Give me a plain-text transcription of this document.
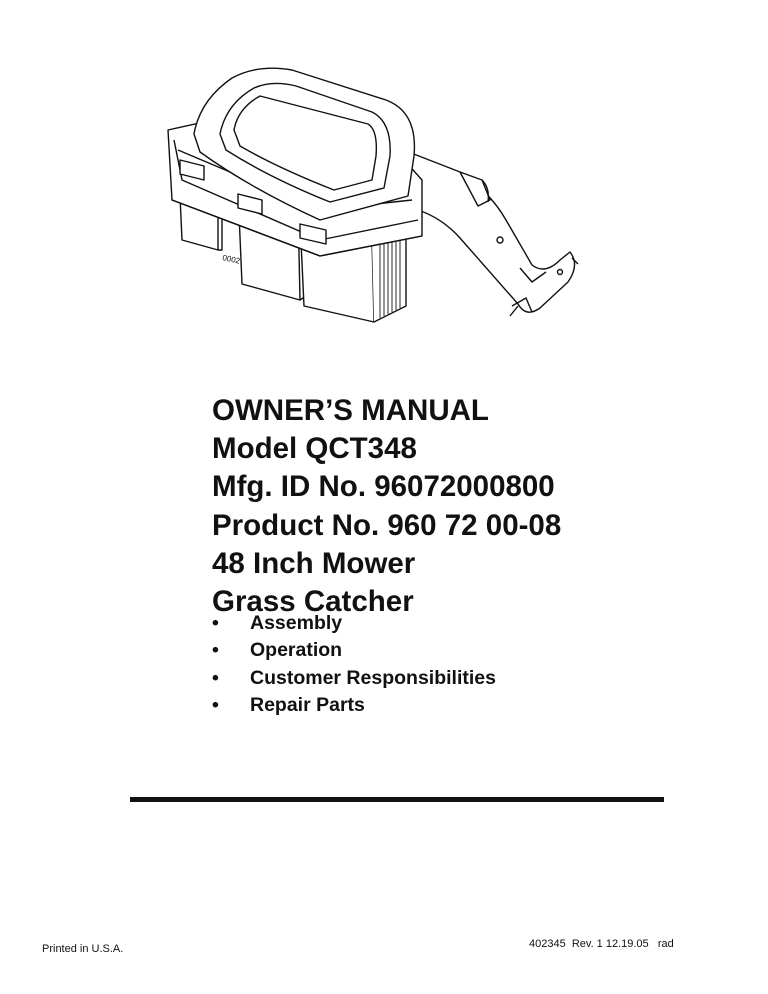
0002
OWNER’S MANUAL
Model QCT348
Mfg. ID No. 96072000800
Product No. 960 72 00-08
48 Inch Mower
Grass Catcher
• Assembly
• Operation
• Customer Responsibilities
• Repair Parts
Printed in U.S.A.	402345  Rev. 1 12.19.05   rad
